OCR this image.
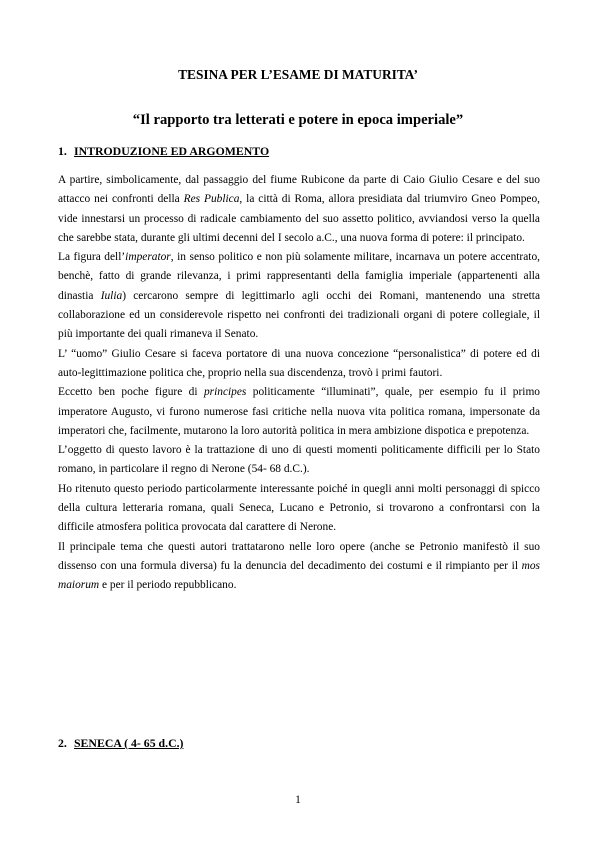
TESINA PER L’ESAME DI MATURITA’
“Il rapporto tra letterati e potere in epoca imperiale”
1. INTRODUZIONE ED ARGOMENTO

A partire, simbolicamente, dal passaggio del fiume Rubicone da parte di Caio Giulio Cesare e del suo attacco nei confronti della Res Publica, la città di Roma, allora presidiata dal triumviro Gneo Pompeo, vide innestarsi un processo di radicale cambiamento del suo assetto politico, avviandosi verso la quella che sarebbe stata, durante gli ultimi decenni del I secolo a.C., una nuova forma di potere: il principato.

La figura dell’imperator, in senso politico e non più solamente militare, incarnava un potere accentrato, benchè, fatto di grande rilevanza, i primi rappresentanti della famiglia imperiale (appartenenti alla dinastia Iulia) cercarono sempre di legittimarlo agli occhi dei Romani, mantenendo una stretta collaborazione ed un considerevole rispetto nei confronti dei tradizionali organi di potere collegiale, il più importante dei quali rimaneva il Senato.

L’ “uomo” Giulio Cesare si faceva portatore di una nuova concezione “personalistica” di potere ed di auto-legittimazione politica che, proprio nella sua discendenza, trovò i primi fautori.

Eccetto ben poche figure di principes politicamente “illuminati”, quale, per esempio fu il primo imperatore Augusto, vi furono numerose fasi critiche nella nuova vita politica romana, impersonate da imperatori che, facilmente, mutarono la loro autorità politica in mera ambizione dispotica e prepotenza.

L’oggetto di questo lavoro è la trattazione di uno di questi momenti politicamente difficili per lo Stato romano, in particolare il regno di Nerone (54- 68 d.C.).

Ho ritenuto questo periodo particolarmente interessante poiché in quegli anni molti personaggi di spicco della cultura letteraria romana, quali Seneca, Lucano e Petronio, si trovarono a confrontarsi con la difficile atmosfera politica provocata dal carattere di Nerone.

Il principale tema che questi autori trattatarono nelle loro opere (anche se Petronio manifestò il suo dissenso con una formula diversa) fu la denuncia del decadimento dei costumi e il rimpianto per il mos maiorum e per il periodo repubblicano.

2. SENECA ( 4- 65 d.C.)
1
